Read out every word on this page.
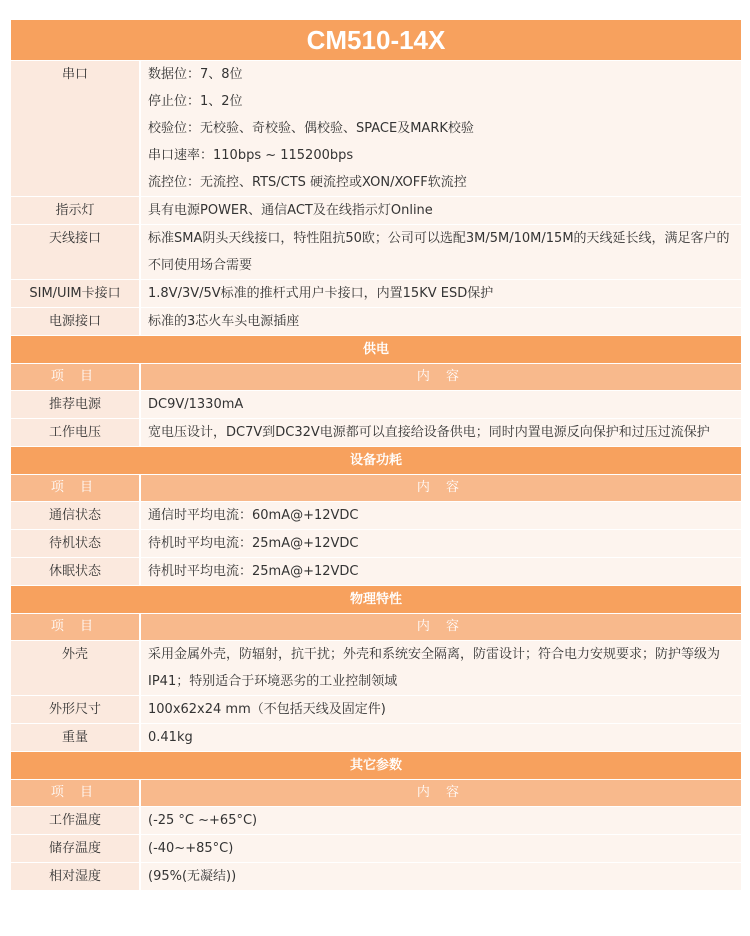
CM510-14X
串口	数据位：7、8位
停止位：1、2位
校验位：无校验、奇校验、偶校验、SPACE及MARK校验
串口速率：110bps ~ 115200bps
流控位：无流控、RTS/CTS 硬流控或XON/XOFF软流控
指示灯	具有电源POWER、通信ACT及在线指示灯Online
天线接口	标准SMA阴头天线接口，特性阻抗50欧；公司可以选配3M/5M/10M/15M的天线延长线，满足客户的不同使用场合需要
SIM/UIM卡接口	1.8V/3V/5V标准的推杆式用户卡接口，内置15KV ESD保护
电源接口	标准的3芯火车头电源插座
供电
项 目	内 容
推荐电源	DC9V/1330mA
工作电压	宽电压设计，DC7V到DC32V电源都可以直接给设备供电；同时内置电源反向保护和过压过流保护
设备功耗
项 目	内 容
通信状态	通信时平均电流：60mA@+12VDC
待机状态	待机时平均电流：25mA@+12VDC
休眠状态	待机时平均电流：25mA@+12VDC
物理特性
项 目	内 容
外壳	采用金属外壳，防辐射，抗干扰；外壳和系统安全隔离，防雷设计；符合电力安规要求；防护等级为IP41；特别适合于环境恶劣的工业控制领域
外形尺寸	100x62x24 mm（不包括天线及固定件)
重量	0.41kg
其它参数
项 目	内 容
工作温度	(-25 °C ~+65°C)
储存温度	(-40~+85°C)
相对湿度	(95%(无凝结))
